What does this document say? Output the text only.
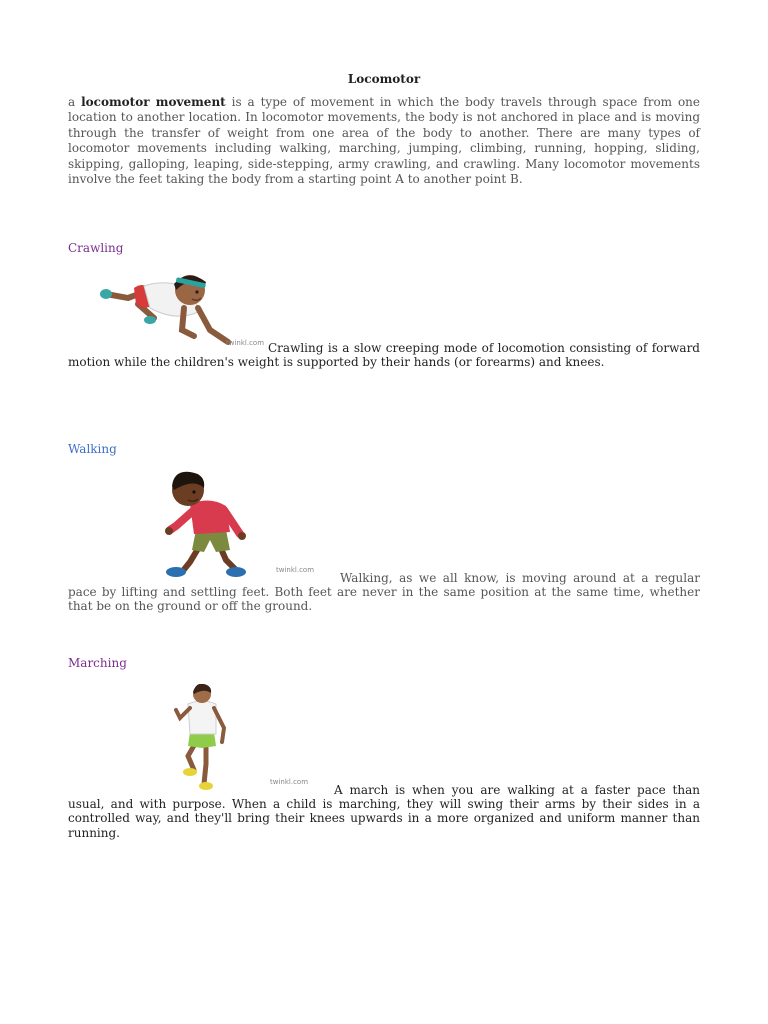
Locomotor
a locomotor movement is a type of movement in which the body travels through space from one location to another location. In locomotor movements, the body is not anchored in place and is moving through the transfer of weight from one area of the body to another. There are many types of locomotor movements including walking, marching, jumping, climbing, running, hopping, sliding, skipping, galloping, leaping, side-stepping, army crawling, and crawling. Many locomotor movements involve the feet taking the body from a starting point A to another point B.
Crawling
twinkl.com Crawling is a slow creeping mode of locomotion consisting of forward motion while the children's weight is supported by their hands (or forearms) and knees.
Walking
twinkl.com
Walking, as we all know, is moving around at a regular pace by lifting and settling feet. Both feet are never in the same position at the same time, whether that be on the ground or off the ground.
Marching
twinkl.com
A march is when you are walking at a faster pace than usual, and with purpose. When a child is marching, they will swing their arms by their sides in a controlled way, and they'll bring their knees upwards in a more organized and uniform manner than running.
